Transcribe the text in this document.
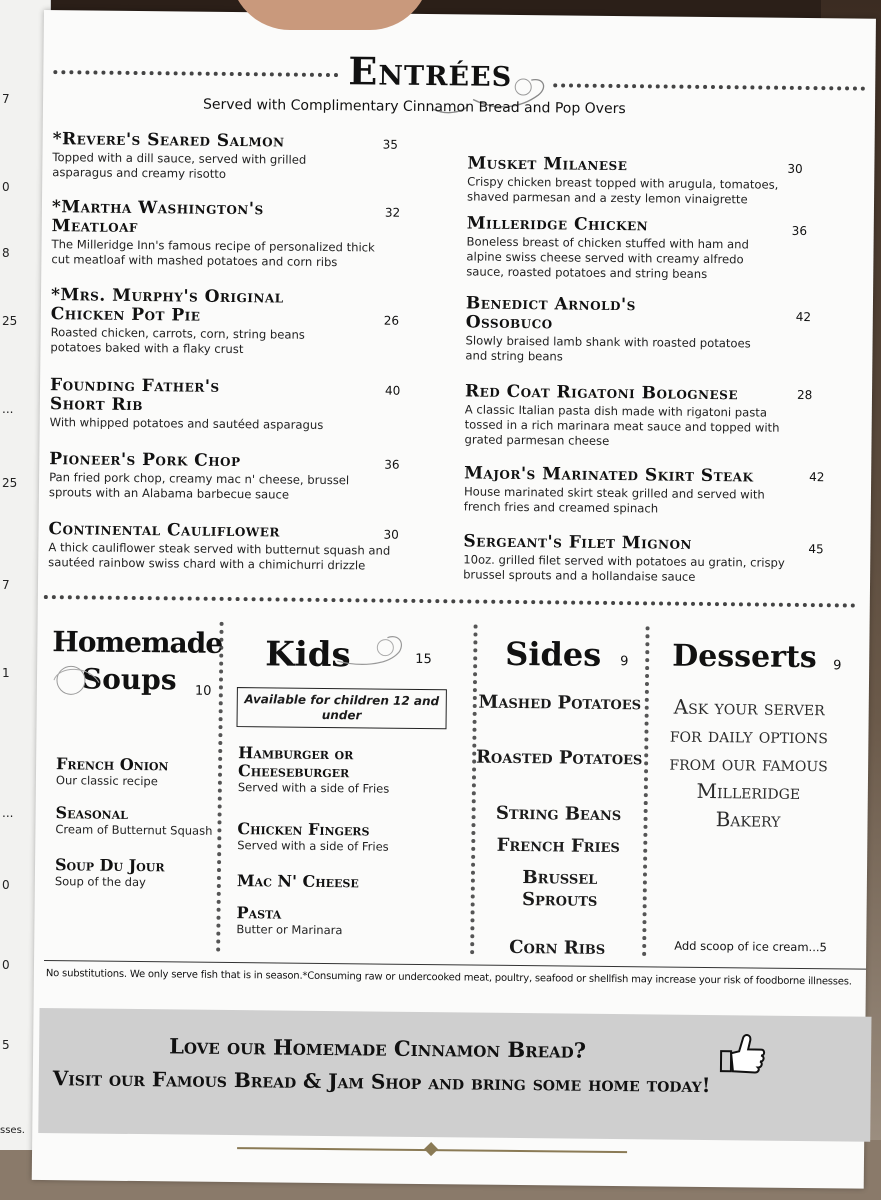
7
0
8
25
...
25
7
1
...
0
0
5
sses.
Entrées
Served with Complimentary Cinnamon Bread and Pop Overs
*Revere's Seared Salmon
Topped with a dill sauce, served with grilled asparagus and creamy risotto
35
*Martha Washington's Meatloaf
The Milleridge Inn's famous recipe of personalized thick cut meatloaf with mashed potatoes and corn ribs
32
*Mrs. Murphy's Original Chicken Pot Pie
Roasted chicken, carrots, corn, string beans potatoes baked with a flaky crust
26
Founding Father's Short Rib
With whipped potatoes and sautéed asparagus
40
Pioneer's Pork Chop
Pan fried pork chop, creamy mac n' cheese, brussel sprouts with an Alabama barbecue sauce
36
Continental Cauliflower
A thick cauliflower steak served with butternut squash and sautéed rainbow swiss chard with a chimichurri drizzle
30
Musket Milanese
Crispy chicken breast topped with arugula, tomatoes, shaved parmesan and a zesty lemon vinaigrette
30
Milleridge Chicken
Boneless breast of chicken stuffed with ham and alpine swiss cheese served with creamy alfredo sauce, roasted potatoes and string beans
36
Benedict Arnold's Ossobuco
Slowly braised lamb shank with roasted potatoes and string beans
42
Red Coat Rigatoni Bolognese
A classic Italian pasta dish made with rigatoni pasta tossed in a rich marinara meat sauce and topped with grated parmesan cheese
28
Major's Marinated Skirt Steak
House marinated skirt steak grilled and served with french fries and creamed spinach
42
Sergeant's Filet Mignon
10oz. grilled filet served with potatoes au gratin, crispy brussel sprouts and a hollandaise sauce
45
Homemade
Soups 10
French Onion
Our classic recipe
Seasonal
Cream of Butternut Squash
Soup Du Jour
Soup of the day
Kids	15
Available for children 12 and under
Hamburger or Cheeseburger
Served with a side of Fries
Chicken Fingers
Served with a side of Fries
Mac N' Cheese
Pasta
Butter or Marinara
Sides 9
Mashed Potatoes
Roasted Potatoes
String Beans
French Fries
Brussel Sprouts
Corn Ribs
Desserts 9
Ask your server for daily options from our famous Milleridge Bakery
Add scoop of ice cream...5
No substitutions. We only serve fish that is in season.*Consuming raw or undercooked meat, poultry, seafood or shellfish may increase your risk of foodborne illnesses.
Love our Homemade Cinnamon Bread?
Visit our Famous Bread & Jam Shop and bring some home today!
